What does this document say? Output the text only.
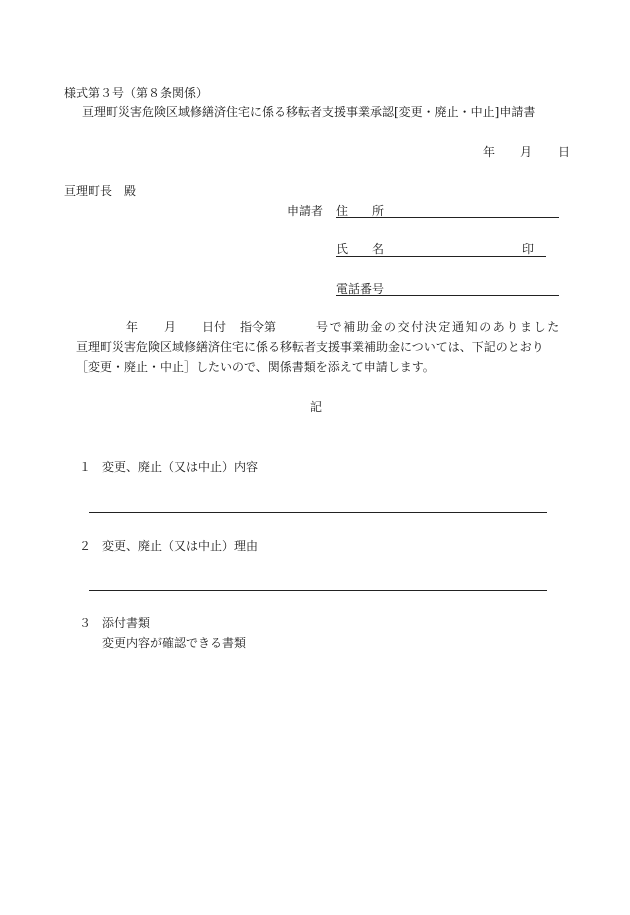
様式第３号（第８条関係）
亘理町災害危険区域修繕済住宅に係る移転者支援事業承認[変更・廃止・中止]申請書
年 月 日
亘理町長　殿
申請者 住　　所
氏　　名	印
電話番号
年 月 日付 指令第	号で補助金の交付決定通知のありました
亘理町災害危険区域修繕済住宅に係る移転者支援事業補助金については、下記のとおり
［変更・廃止・中止］したいので、関係書類を添えて申請します。
記
１ 変更、廃止（又は中止）内容
２ 変更、廃止（又は中止）理由
３ 添付書類
変更内容が確認できる書類
